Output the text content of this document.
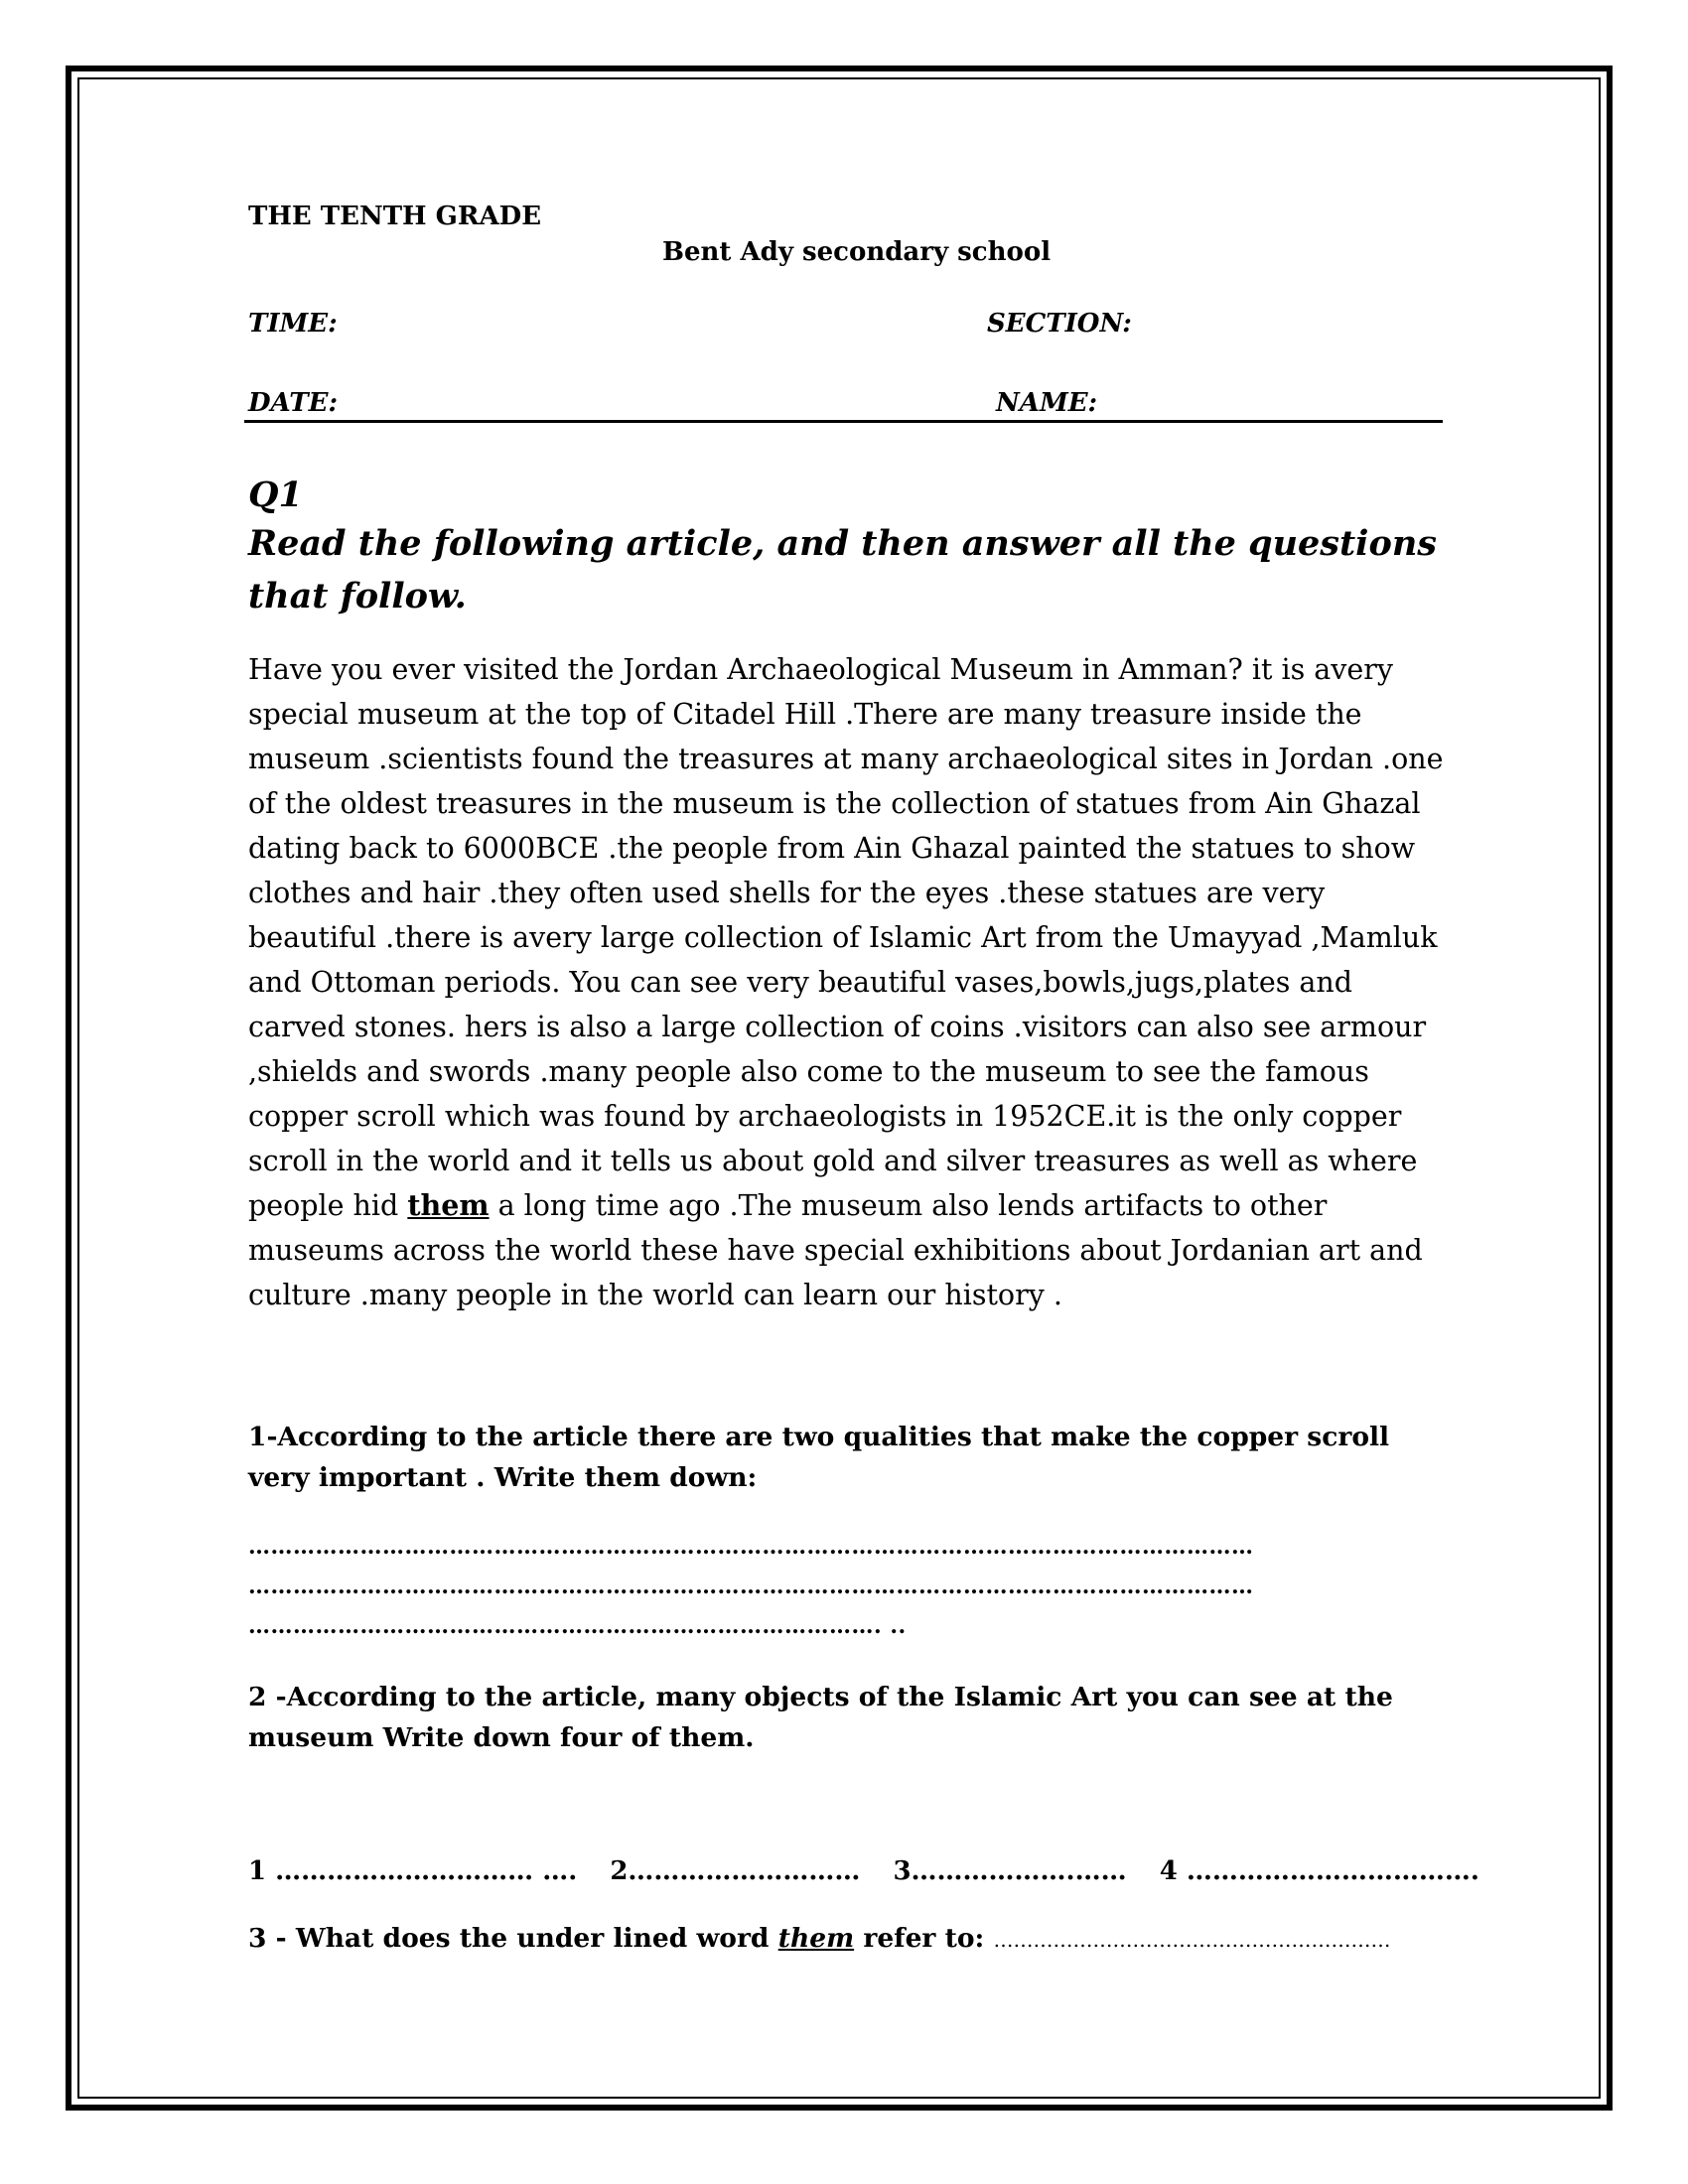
THE TENTH GRADE
Bent Ady secondary school
TIME:	SECTION:
DATE:	NAME:
Q1
Read the following article, and then answer all the questions that follow.
Have you ever visited the Jordan Archaeological Museum in Amman? it is avery special museum at the top of Citadel Hill .There are many treasure inside the museum .scientists found the treasures at many archaeological sites in Jordan .one of the oldest treasures in the museum is the collection of statues from Ain Ghazal dating back to 6000BCE .the people from Ain Ghazal painted the statues to show clothes and hair .they often used shells for the eyes .these statues are very beautiful .there is avery large collection of Islamic Art from the Umayyad ,Mamluk and Ottoman periods. You can see very beautiful vases,bowls,jugs,plates and carved stones. hers is also a large collection of coins .visitors can also see armour ,shields and swords .many people also come to the museum to see the famous copper scroll which was found by archaeologists in 1952CE.it is the only copper scroll in the world and it tells us about gold and silver treasures as well as where people hid them a long time ago .The museum also lends artifacts to other museums across the world these have special exhibitions about Jordanian art and culture .many people in the world can learn our history .
1-According to the article there are two qualities that make the copper scroll very important . Write them down:
………………………………………………………………………………………………………………………
………………………………………………………………………………………………………………………
…………………………………………………………………………. ..
2 -According to the article, many objects of the Islamic Art you can see at the museum Write down four of them.
1 ………………………… …. 2……………………… 3……………….…… 4 …………………………….
3 - What does the under lined word them refer to: ……………………………………………………
